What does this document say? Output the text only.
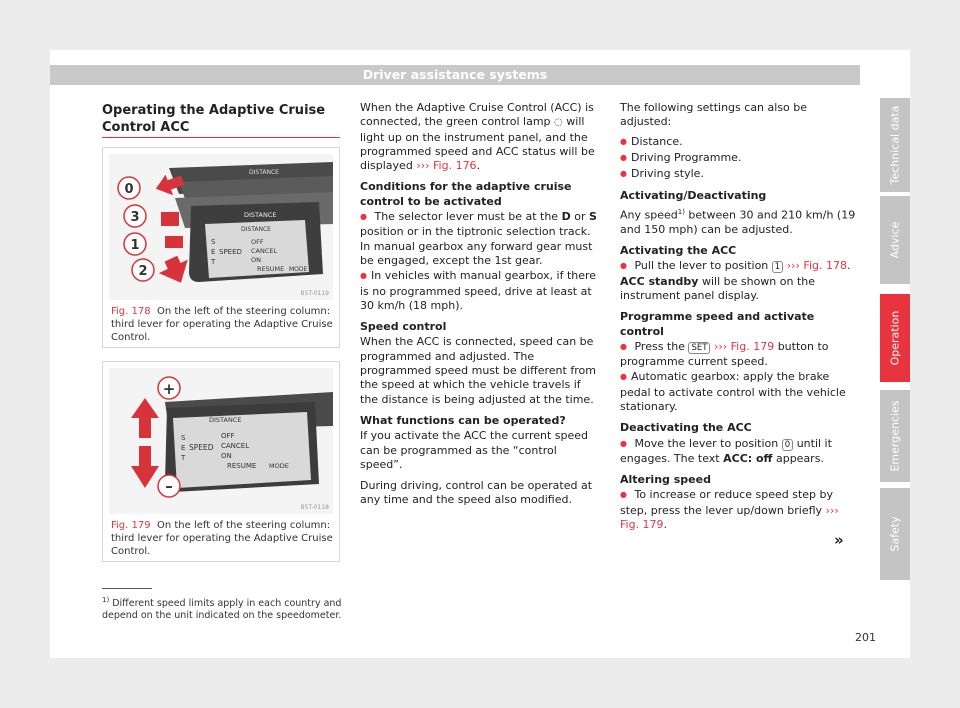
Driver assistance systems
Operating the Adaptive Cruise Control ACC
DISTANCE
DISTANCE
DISTANCE
S
E
T
SPEED
OFF
CANCEL
ON
RESUME MODE
0
3
1
2
B5T-0119
Fig. 178 On the left of the steering column: third lever for operating the Adaptive Cruise Control.
DISTANCE
S
E
T
SPEED
OFF
CANCEL
ON
RESUME MODE
+
–
B5T-0118
Fig. 179 On the left of the steering column: third lever for operating the Adaptive Cruise Control.

When the Adaptive Cruise Control (ACC) is connected, the green control lamp ◌ will light up on the instrument panel, and the programmed speed and ACC status will be displayed ››› Fig. 176.

Conditions for the adaptive cruise control to be activated
● The selector lever must be at the D or S position or in the tiptronic selection track. In manual gearbox any forward gear must be engaged, except the 1st gear.

● In vehicles with manual gearbox, if there is no programmed speed, drive at least at 30 km/h (18 mph).

Speed control

When the ACC is connected, speed can be programmed and adjusted. The programmed speed must be different from the speed at which the vehicle travels if the distance is being adjusted at the time.

What functions can be operated?

If you activate the ACC the current speed can be programmed as the “control speed”.

During driving, control can be operated at any time and the speed also modified.

The following settings can also be adjusted:
● Distance.
● Driving Programme.
● Driving style.
Activating/Deactivating

Any speed$^{1)}$ between 30 and 210 km/h (19 and 150 mph) can be adjusted.

Activating the ACC

● Pull the lever to position 1 ››› Fig. 178. ACC standby will be shown on the instrument panel display.

Programme speed and activate control
● Press the SET ››› Fig. 179 button to programme current speed.

● Automatic gearbox: apply the brake pedal to activate control with the vehicle stationary.

Deactivating the ACC

● Move the lever to position 0 until it engages. The text ACC: off appears.

Altering speed
● To increase or reduce speed step by step, press the lever up/down briefly ››› Fig. 179.
»
Technical data
Advice
Operation
Emergencies
Safety
$^{1)}$ Different speed limits apply in each country and depend on the unit indicated on the speedometer.
201
